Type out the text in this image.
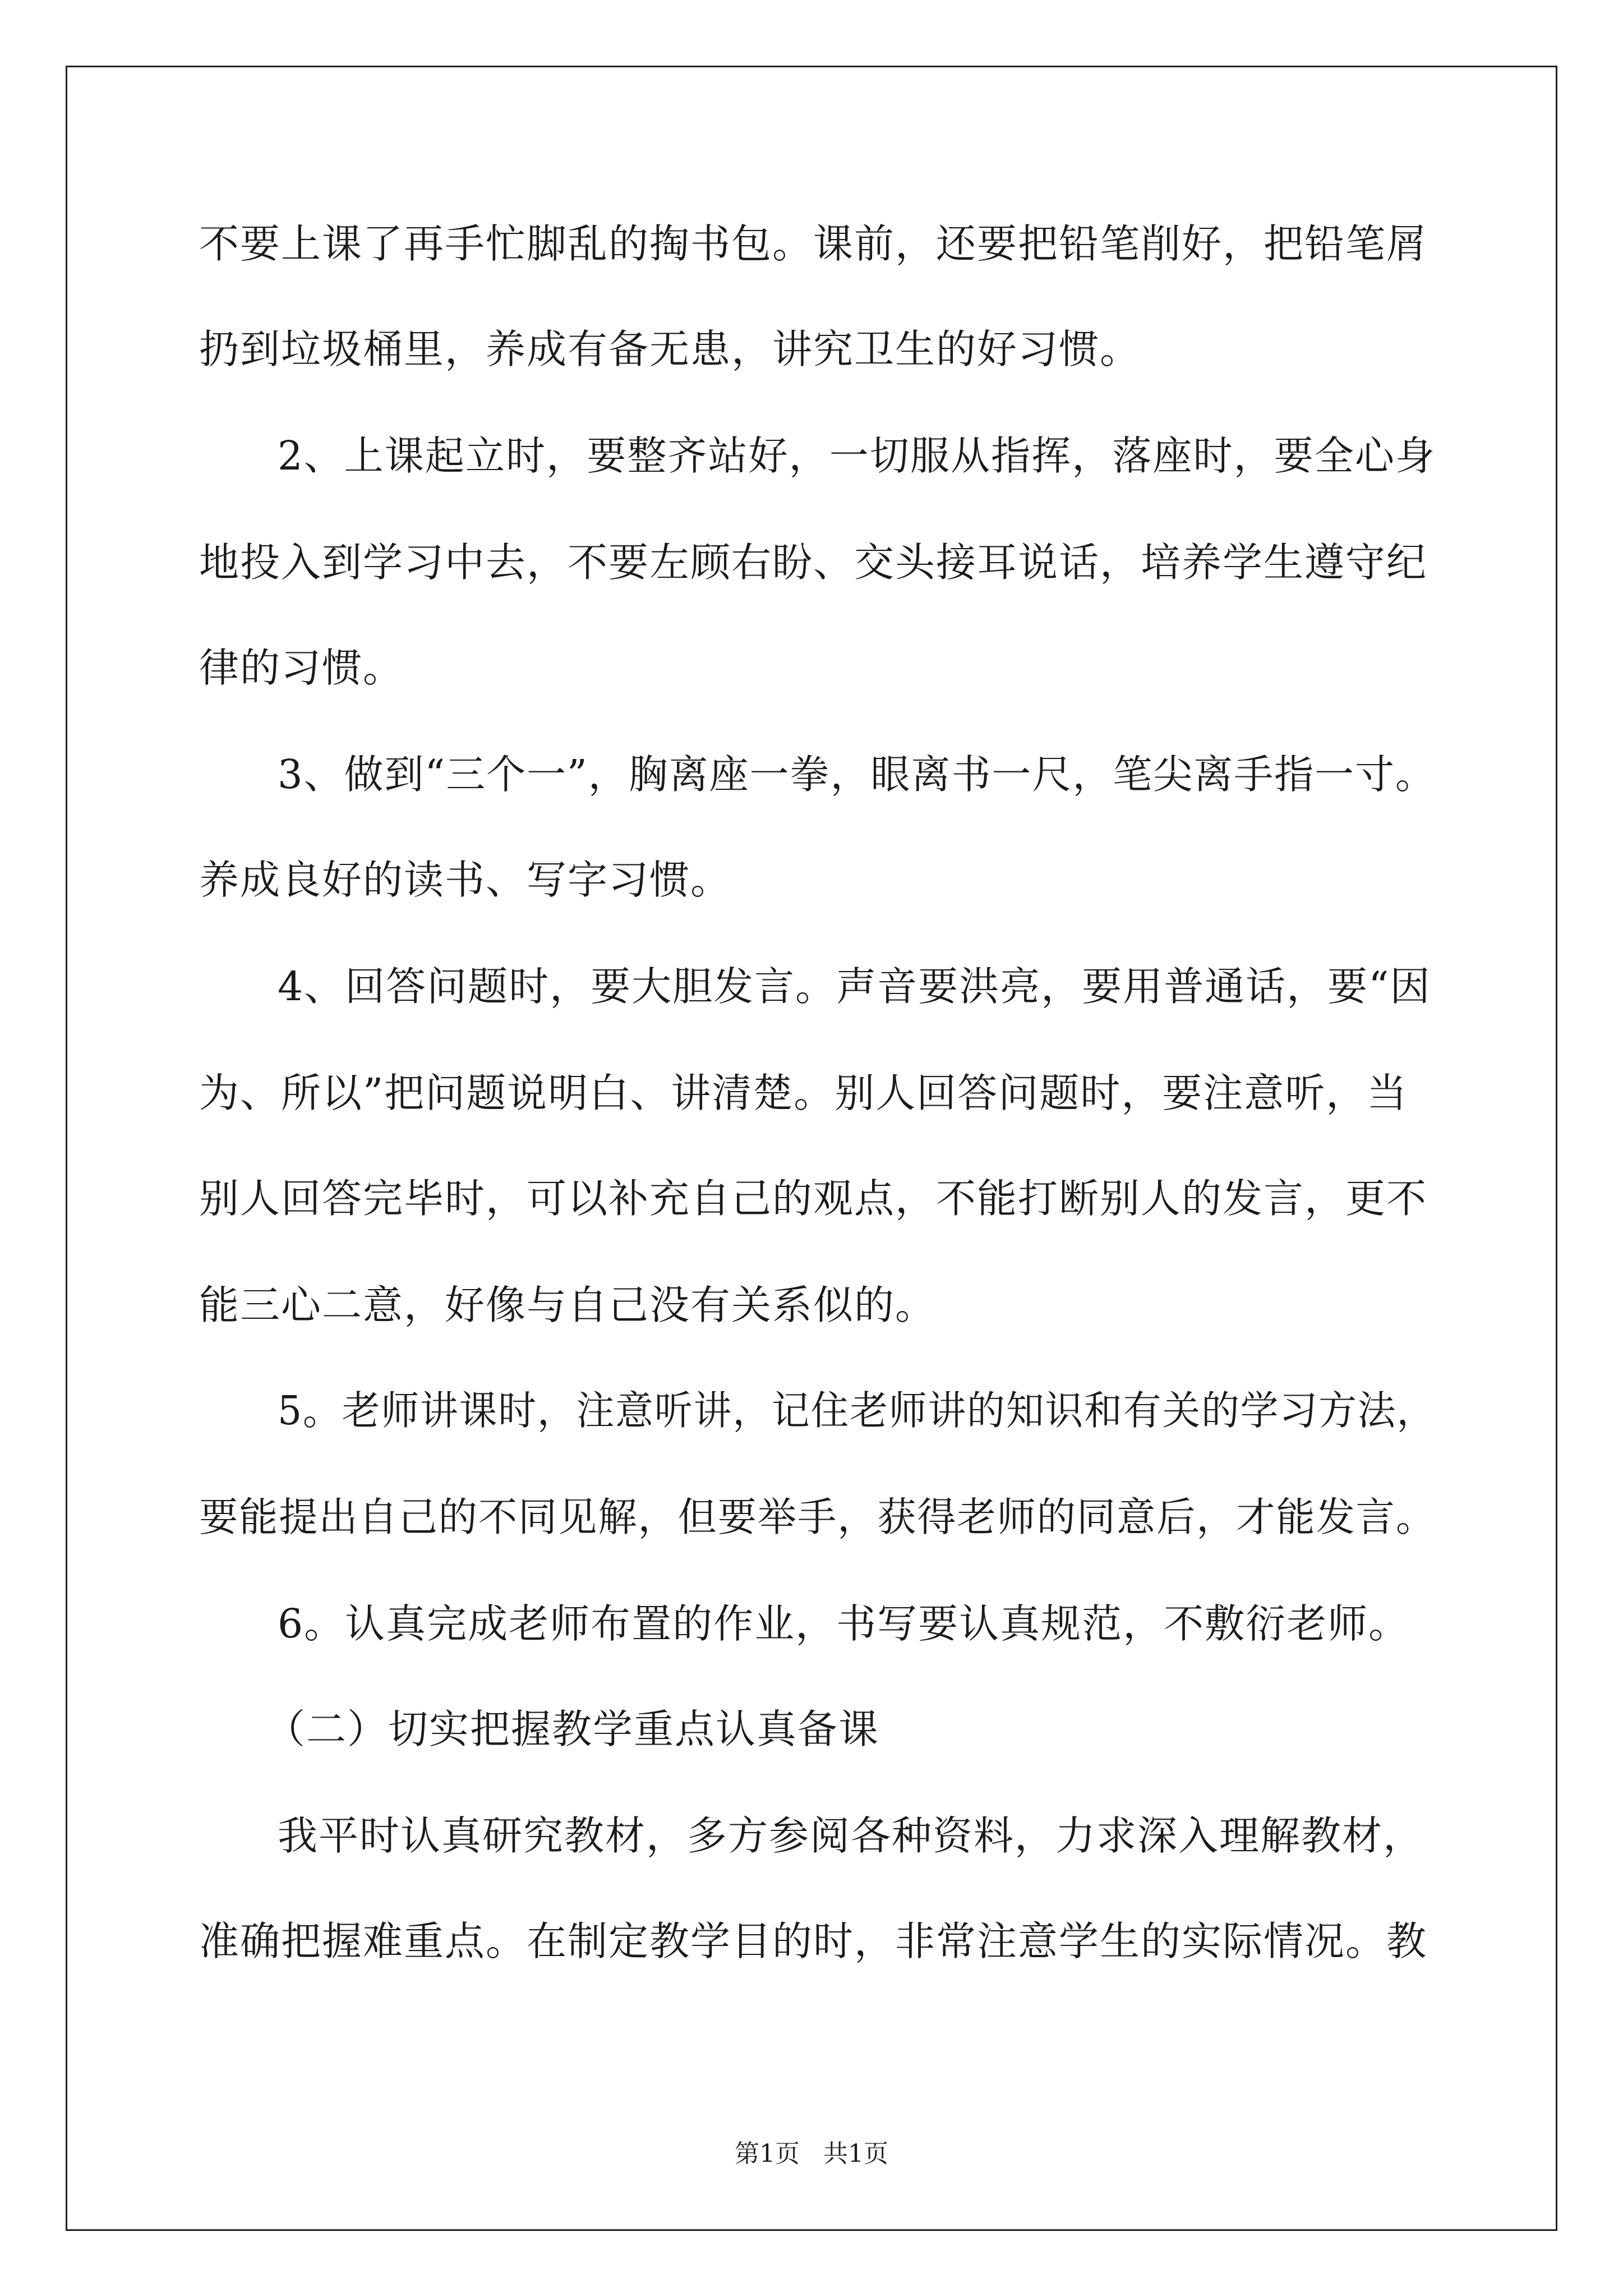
不要上课了再手忙脚乱的掏书包。课前，还要把铅笔削好，把铅笔屑
扔到垃圾桶里，养成有备无患，讲究卫生的好习惯。
2、上课起立时，要整齐站好，一切服从指挥，落座时，要全心身
地投入到学习中去，不要左顾右盼、交头接耳说话，培养学生遵守纪
律的习惯。
3、做到“三个一”，胸离座一拳，眼离书一尺，笔尖离手指一寸。
养成良好的读书、写字习惯。
4、回答问题时，要大胆发言。声音要洪亮，要用普通话，要“因
为、所以”把问题说明白、讲清楚。别人回答问题时，要注意听，当
别人回答完毕时，可以补充自己的观点，不能打断别人的发言，更不
能三心二意，好像与自己没有关系似的。
5。老师讲课时，注意听讲，记住老师讲的知识和有关的学习方法，
要能提出自己的不同见解，但要举手，获得老师的同意后，才能发言。
6。认真完成老师布置的作业，书写要认真规范，不敷衍老师。
（二）切实把握教学重点认真备课
我平时认真研究教材，多方参阅各种资料，力求深入理解教材，
准确把握难重点。在制定教学目的时，非常注意学生的实际情况。教
第1页   共1页
